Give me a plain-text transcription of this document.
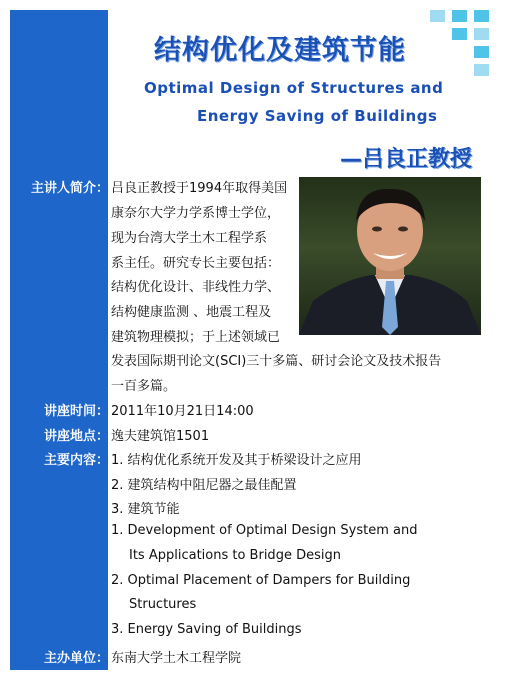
结构优化及建筑节能
Optimal Design of Structures and
Energy Saving of Buildings
—吕良正教授
主讲人简介： 吕良正教授于1994年取得美国
康奈尔大学力学系博士学位，
现为台湾大学土木工程学系
系主任。研究专长主要包括：
结构优化设计、非线性力学、
结构健康监测 、地震工程及
建筑物理模拟；于上述领域已
发表国际期刊论文(SCI)三十多篇、研讨会论文及技术报告
一百多篇。
讲座时间： 2011年10月21日14:00
讲座地点： 逸夫建筑馆1501
主要内容： 1. 结构优化系统开发及其于桥梁设计之应用
2. 建筑结构中阻尼器之最佳配置
3. 建筑节能
1. Development of Optimal Design System and
Its Applications to Bridge Design
2. Optimal Placement of Dampers for Building
Structures
3. Energy Saving of Buildings
主办单位： 东南大学土木工程学院
